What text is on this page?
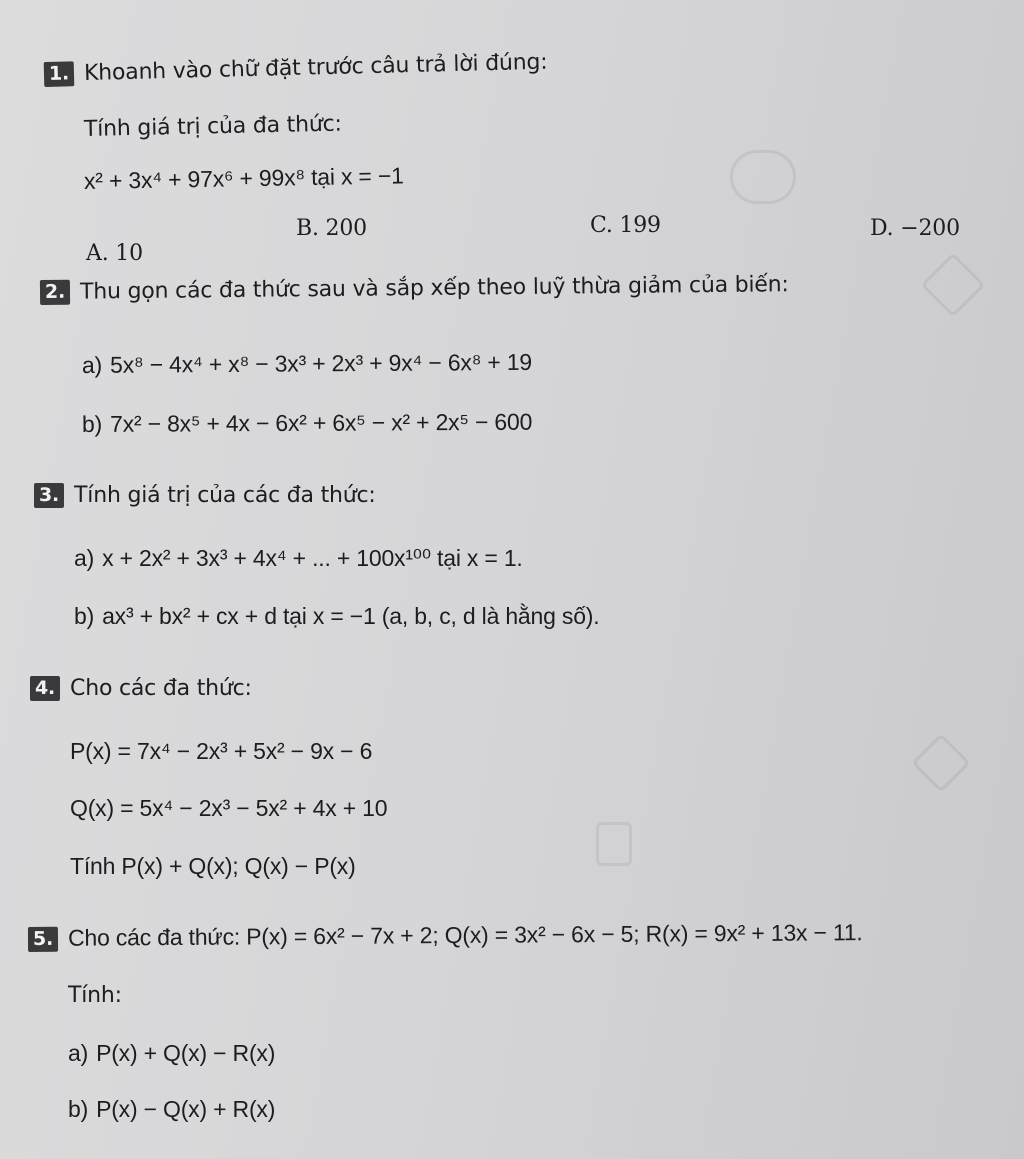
1. Khoanh vào chữ đặt trước câu trả lời đúng:
Tính giá trị của đa thức:
x² + 3x⁴ + 97x⁶ + 99x⁸ tại x = −1
A. 10
B. 200	C. 199	D. −200
2. Thu gọn các đa thức sau và sắp xếp theo luỹ thừa giảm của biến:
a) 5x⁸ − 4x⁴ + x⁸ − 3x³ + 2x³ + 9x⁴ − 6x⁸ + 19
b) 7x² − 8x⁵ + 4x − 6x² + 6x⁵ − x² + 2x⁵ − 600
3. Tính giá trị của các đa thức:
a) x + 2x² + 3x³ + 4x⁴ + ... + 100x¹⁰⁰ tại x = 1.
b) ax³ + bx² + cx + d tại x = −1 (a, b, c, d là hằng số).
4. Cho các đa thức:
P(x) = 7x⁴ − 2x³ + 5x² − 9x − 6
Q(x) = 5x⁴ − 2x³ − 5x² + 4x + 10
Tính P(x) + Q(x); Q(x) − P(x)
5. Cho các đa thức: P(x) = 6x² − 7x + 2; Q(x) = 3x² − 6x − 5; R(x) = 9x² + 13x − 11.
Tính:
a) P(x) + Q(x) − R(x)
b) P(x) − Q(x) + R(x)
